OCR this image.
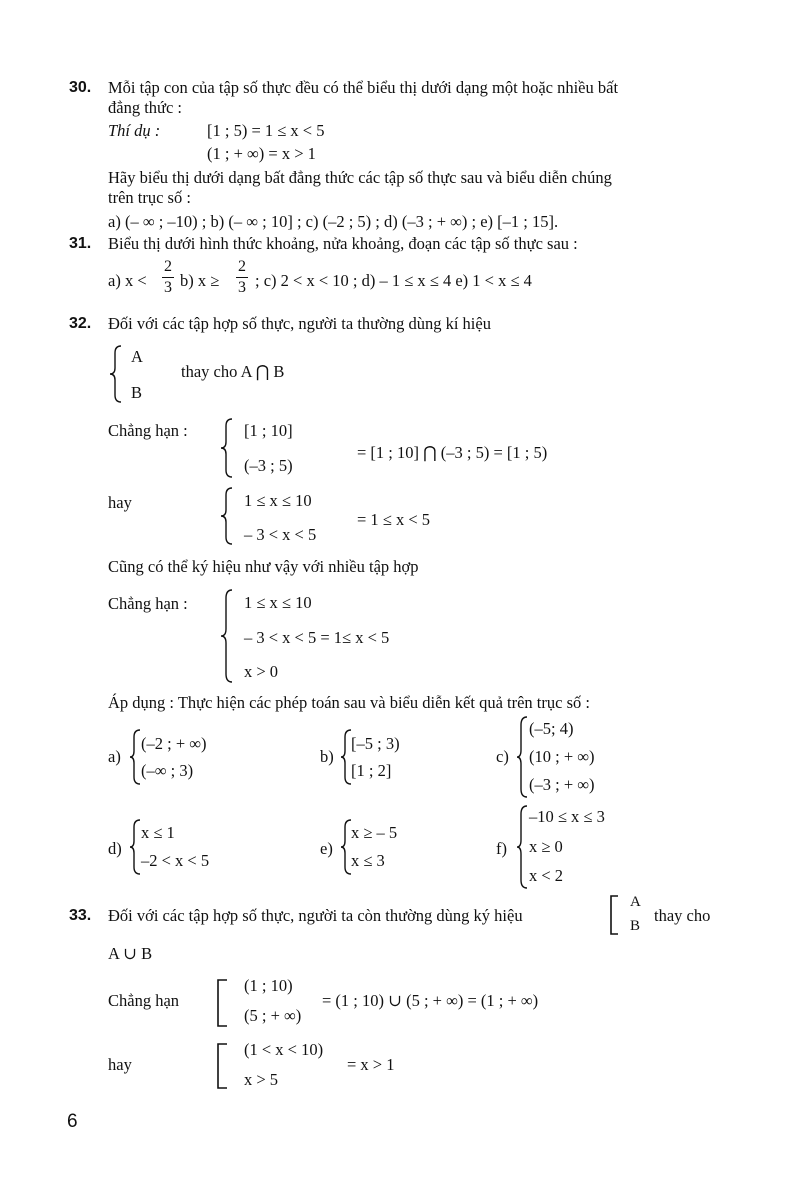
30. Mỗi tập con của tập số thực đều có thể biểu thị dưới dạng một hoặc nhiều bất
đẳng thức :
Thí dụ :	[1 ; 5) = 1 ≤ x < 5
(1 ; + ∞) = x > 1
Hãy biểu thị dưới dạng bất đẳng thức các tập số thực sau và biểu diễn chúng
trên trục số :
a) (– ∞ ; –10) ; b) (– ∞ ; 10] ; c) (–2 ; 5) ; d) (–3 ; + ∞) ; e) [–1 ; 15].
31. Biểu thị dưới hình thức khoảng, nửa khoảng, đoạn các tập số thực sau :
a) x <
2
3 b) x ≥
2
3 ; c) 2 < x < 10 ; d) – 1 ≤ x ≤ 4 e) 1 < x ≤ 4
32. Đối với các tập hợp số thực, người ta thường dùng kí hiệu
A
B
thay cho A ⋂ B
Chẳng hạn :	[1 ; 10]
(–3 ; 5)
= [1 ; 10] ⋂ (–3 ; 5) = [1 ; 5)
hay	1 ≤ x ≤ 10
– 3 < x < 5
= 1 ≤ x < 5
Cũng có thể ký hiệu như vậy với nhiều tập hợp
Chẳng hạn :	1 ≤ x ≤ 10
– 3 < x < 5 = 1≤ x < 5
x > 0
Áp dụng : Thực hiện các phép toán sau và biểu diễn kết quả trên trục số :
a)
(–2 ; + ∞)
(–∞ ; 3)
b)
[–5 ; 3)
[1 ; 2]
c)
(–5; 4)
(10 ; + ∞)
(–3 ; + ∞)
d)
x ≤ 1
–2 < x < 5
e)
x ≥ – 5
x ≤ 3
f)
–10 ≤ x ≤ 3
x ≥ 0
x < 2
33. Đối với các tập hợp số thực, người ta còn thường dùng ký hiệu
A
B
thay cho
A ∪ B
Chẳng hạn
(1 ; 10)
(5 ; + ∞)
= (1 ; 10) ∪ (5 ; + ∞) = (1 ; + ∞)
hay
(1 < x < 10)
x > 5
= x > 1
6
